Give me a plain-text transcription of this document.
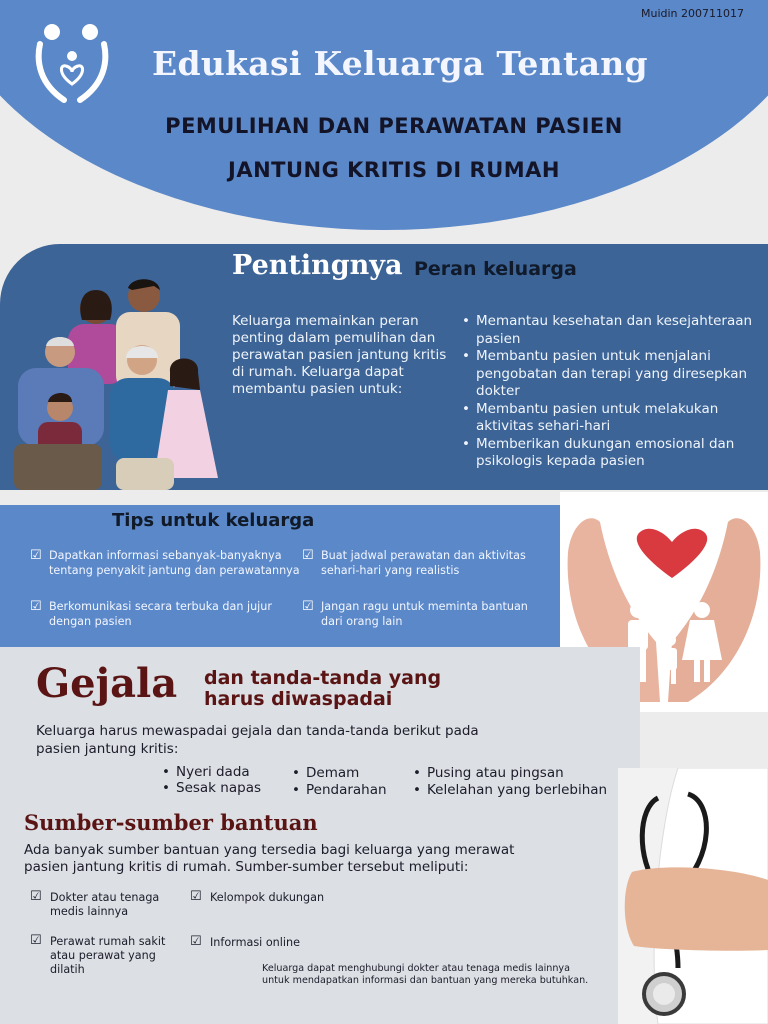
Muidin 200711017
Edukasi Keluarga Tentang
PEMULIHAN DAN PERAWATAN PASIEN
JANTUNG KRITIS DI RUMAH
Pentingnya Peran keluarga
Keluarga memainkan peran penting dalam pemulihan dan perawatan pasien jantung kritis di rumah. Keluarga dapat membantu pasien untuk:
• Memantau kesehatan dan kesejahteraan pasien
• Membantu pasien untuk menjalani pengobatan dan terapi yang diresepkan dokter
• Membantu pasien untuk melakukan aktivitas sehari-hari
• Memberikan dukungan emosional dan psikologis kepada pasien
Tips untuk keluarga
☑ Dapatkan informasi sebanyak-banyaknya tentang penyakit jantung dan perawatannya
☑ Berkomunikasi secara terbuka dan jujur dengan pasien
☑ Buat jadwal perawatan dan aktivitas sehari-hari yang realistis
☑ Jangan ragu untuk meminta bantuan dari orang lain
Gejala dan tanda-tanda yang harus diwaspadai
Keluarga harus mewaspadai gejala dan tanda-tanda berikut pada pasien jantung kritis:
• Nyeri dada
• Sesak napas
• Demam
• Pendarahan
• Pusing atau pingsan
• Kelelahan yang berlebihan
Sumber-sumber bantuan
Ada banyak sumber bantuan yang tersedia bagi keluarga yang merawat pasien jantung kritis di rumah. Sumber-sumber tersebut meliputi:
☑ Dokter atau tenaga medis lainnya
☑ Perawat rumah sakit atau perawat yang dilatih
☑ Kelompok dukungan
☑ Informasi online
Keluarga dapat menghubungi dokter atau tenaga medis lainnya untuk mendapatkan informasi dan bantuan yang mereka butuhkan.
